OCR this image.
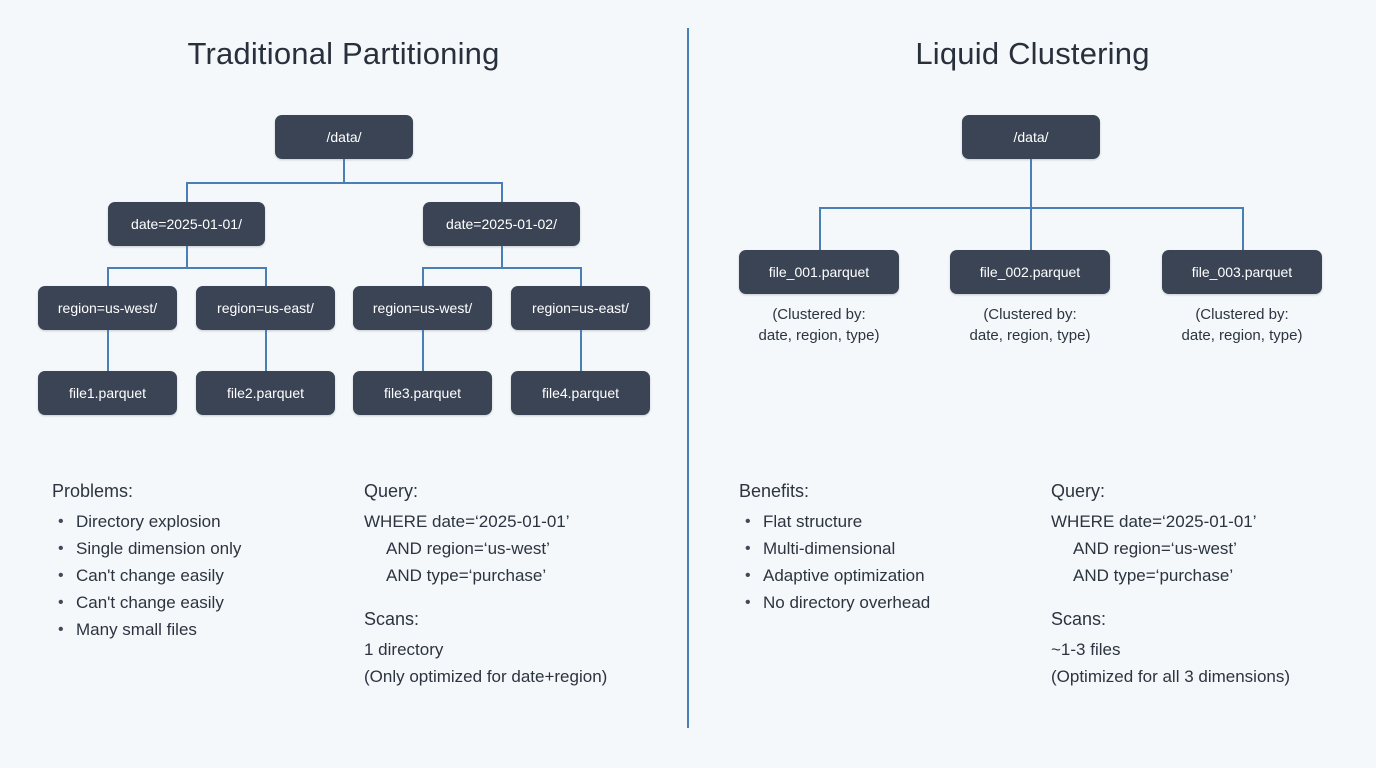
Traditional Partitioning
/data/
date=2025-01-01/	date=2025-01-02/
region=us-west/	region=us-east/	region=us-west/	region=us-east/
file1.parquet	file2.parquet	file3.parquet	file4.parquet
Problems:
• Directory explosion
• Single dimension only
• Can't change easily
• Can't change easily
• Many small files
Query:
WHERE date=‘2025-01-01’
AND region=‘us-west’
AND type=‘purchase’
Scans:
1 directory
(Only optimized for date+region)
Liquid Clustering
/data/
file_001.parquet	file_002.parquet	file_003.parquet
(Clustered by:
date, region, type)
(Clustered by:
date, region, type)
(Clustered by:
date, region, type)
Benefits:
• Flat structure
• Multi-dimensional
• Adaptive optimization
• No directory overhead
Query:
WHERE date=‘2025-01-01’
AND region=‘us-west’
AND type=‘purchase’
Scans:
~1-3 files
(Optimized for all 3 dimensions)
